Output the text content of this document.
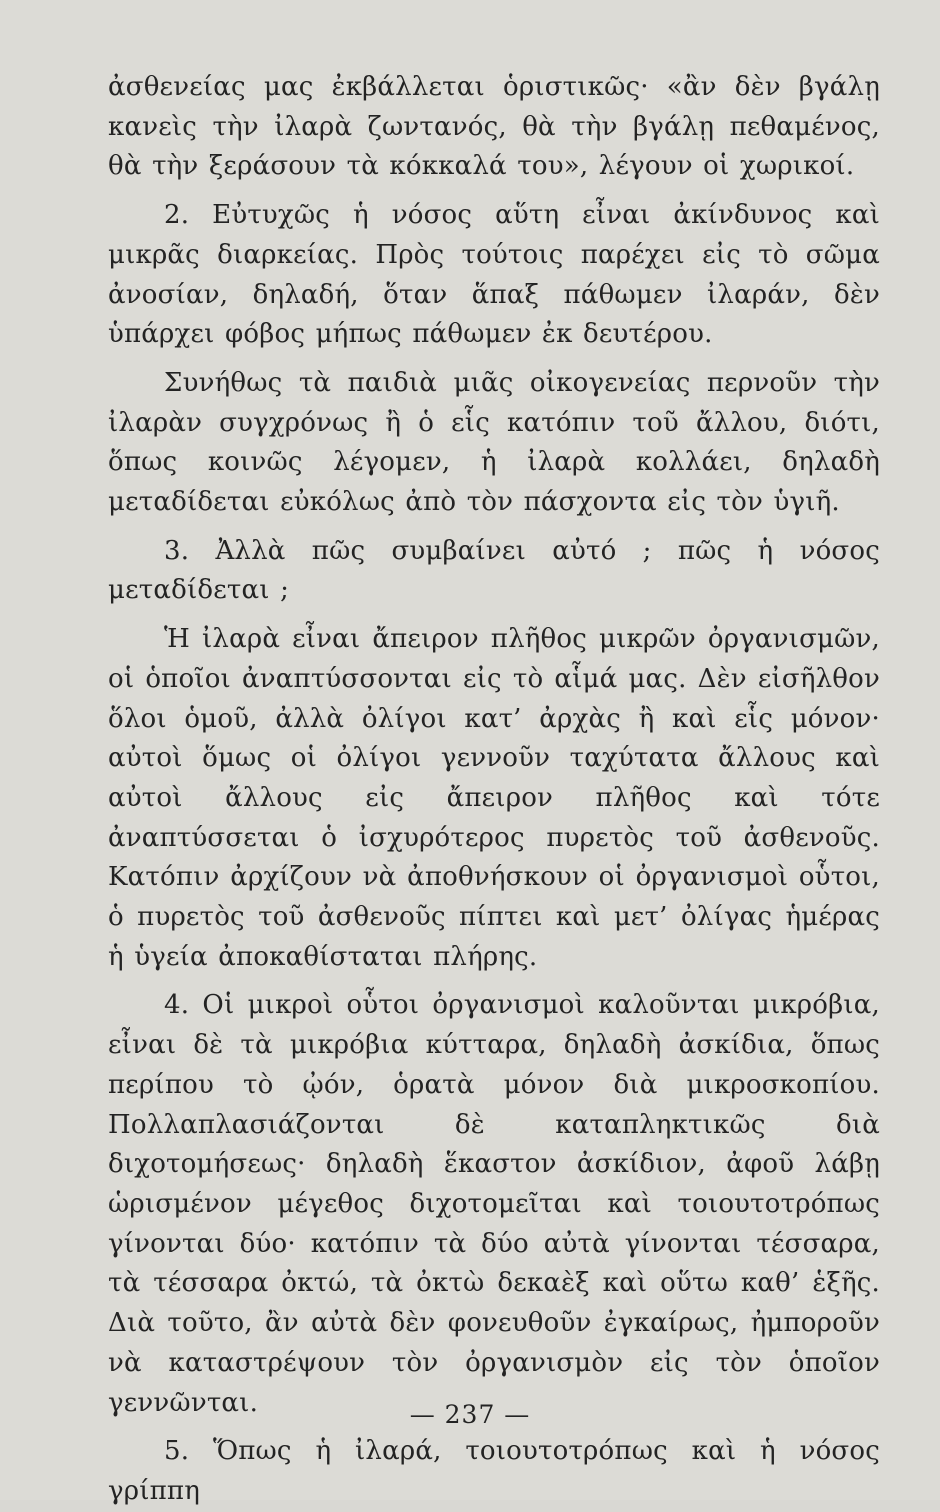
ἀσθενείας μας ἐκβάλλεται ὁριστικῶς· «ἂν δὲν βγάλῃ κανεὶς τὴν ἰλαρὰ ζωντανός, θὰ τὴν βγάλῃ πεθαμένος, θὰ τὴν ξεράσουν τὰ κόκκαλά του», λέγουν οἱ χωρικοί.

2. Εὐτυχῶς ἡ νόσος αὕτη εἶναι ἀκίνδυνος καὶ μικρᾶς διαρκείας. Πρὸς τούτοις παρέχει εἰς τὸ σῶμα ἀνοσίαν, δηλαδή, ὅταν ἅπαξ πάθωμεν ἰλαράν, δὲν ὑπάρχει φόβος μήπως πάθωμεν ἐκ δευτέρου.

Συνήθως τὰ παιδιὰ μιᾶς οἰκογενείας περνοῦν τὴν ἰλαρὰν συγχρόνως ἢ ὁ εἷς κατόπιν τοῦ ἄλλου, διότι, ὅπως κοινῶς λέγομεν, ἡ ἰλαρὰ κολλάει, δηλαδὴ μεταδίδεται εὐκόλως ἀπὸ τὸν πάσχοντα εἰς τὸν ὑγιῆ.

3. Ἀλλὰ πῶς συμβαίνει αὐτό ; πῶς ἡ νόσος μεταδίδεται ;

Ἡ ἰλαρὰ εἶναι ἄπειρον πλῆθος μικρῶν ὀργανισμῶν, οἱ ὁποῖοι ἀναπτύσσονται εἰς τὸ αἷμά μας. Δὲν εἰσῆλθον ὅλοι ὁμοῦ, ἀλλὰ ὀλίγοι κατ’ ἀρχὰς ἢ καὶ εἷς μόνον· αὐτοὶ ὅμως οἱ ὀλίγοι γεννοῦν ταχύτατα ἄλλους καὶ αὐτοὶ ἄλλους εἰς ἄπειρον πλῆθος καὶ τότε ἀναπτύσσεται ὁ ἰσχυρότερος πυρετὸς τοῦ ἀσθενοῦς. Κατόπιν ἀρχίζουν νὰ ἀποθνήσκουν οἱ ὀργανισμοὶ οὗτοι, ὁ πυρετὸς τοῦ ἀσθενοῦς πίπτει καὶ μετ’ ὀλίγας ἡμέρας ἡ ὑγεία ἀποκαθίσταται πλήρης.

4. Οἱ μικροὶ οὗτοι ὀργανισμοὶ καλοῦνται μικρόβια, εἶναι δὲ τὰ μικρόβια κύτταρα, δηλαδὴ ἀσκίδια, ὅπως περίπου τὸ ᾠόν, ὁρατὰ μόνον διὰ μικροσκοπίου. Πολλαπλασιάζονται δὲ καταπληκτικῶς διὰ διχοτομήσεως· δηλαδὴ ἕκαστον ἀσκίδιον, ἀφοῦ λάβῃ ὡρισμένον μέγεθος διχοτομεῖται καὶ τοιουτοτρόπως γίνονται δύο· κατόπιν τὰ δύο αὐτὰ γίνονται τέσσαρα, τὰ τέσσαρα ὀκτώ, τὰ ὀκτὼ δεκαὲξ καὶ οὕτω καθ’ ἑξῆς. Διὰ τοῦτο, ἂν αὐτὰ δὲν φονευθοῦν ἐγκαίρως, ἠμποροῦν νὰ καταστρέψουν τὸν ὀργανισμὸν εἰς τὸν ὁποῖον γεννῶνται.

5. Ὅπως ἡ ἰλαρά, τοιουτοτρόπως καὶ ἡ νόσος γρίππη

— 237 —
